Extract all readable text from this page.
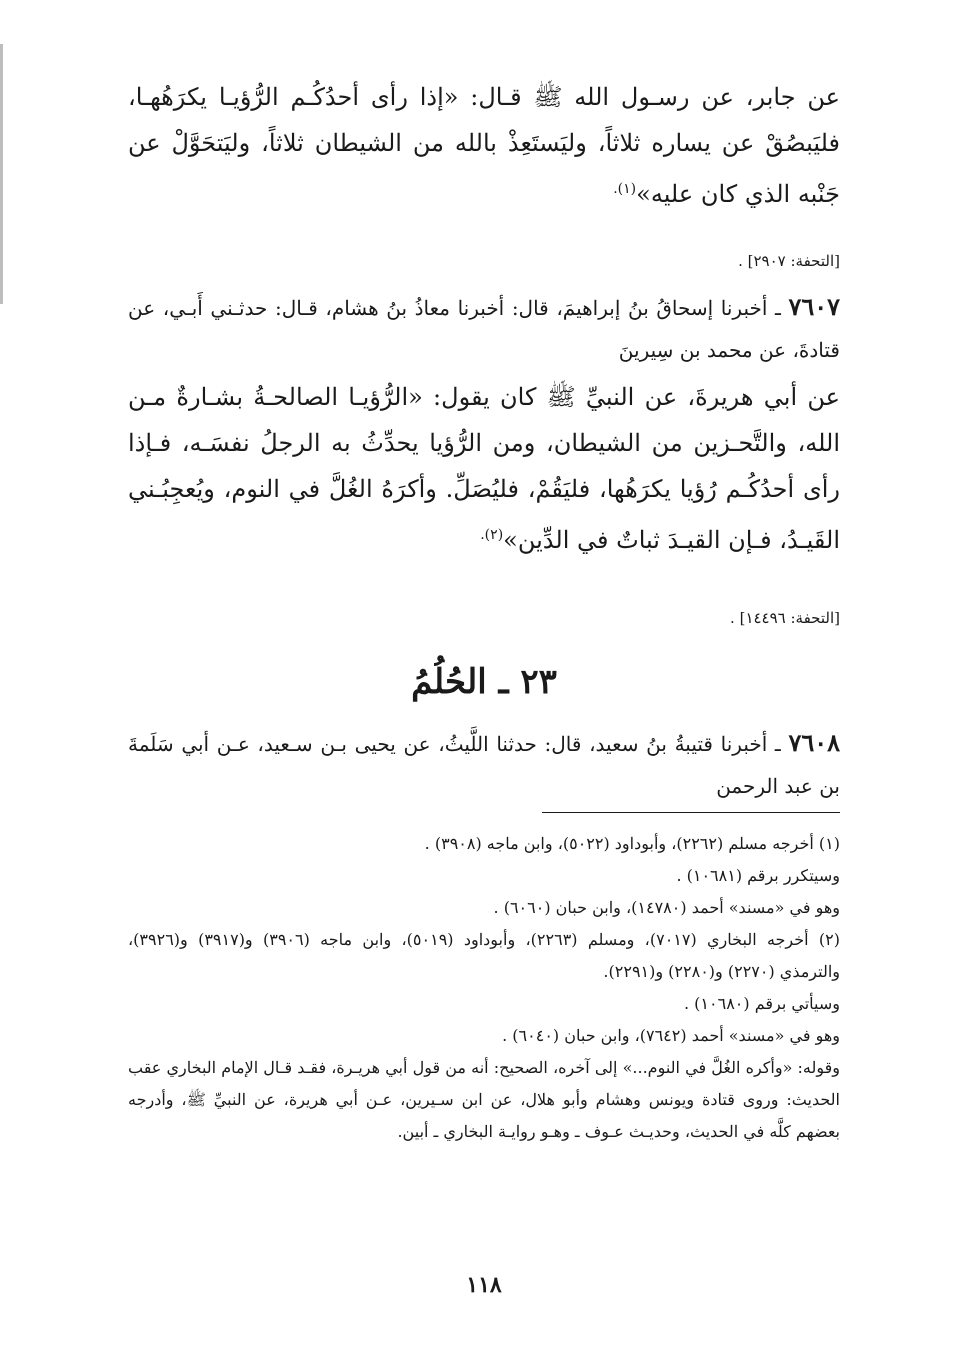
عن جابر، عن رسـول الله ﷺ قـال: «إذا رأى أحدُكُـم الرُّؤيـا يكرَهُهـا، فليَبصُقْ عن يساره ثلاثاً، وليَستَعِذْ بالله من الشيطان ثلاثاً، وليَتحَوَّلْ عن جَنْبه الذي كان عليه»$^{(١).}$

[التحفة: ٢٩٠٧] .
٧٦٠٧ ـ أخبرنا إسحاقُ بنُ إبراهيمَ، قال: أخبرنا معاذُ بنُ هشام، قـال: حدثـني أَبـي، عن قتادةَ، عن محمد بن سِيرينَ

عن أبي هريرةَ، عن النبيِّ ﷺ كان يقول: «الرُّؤيـا الصالحـةُ بشـارةٌ مـن الله، والتَّحـزين من الشيطان، ومن الرُّؤيا يحدِّثُ به الرجلُ نفسَـه، فـإذا رأى أحدُكُـم رُؤيا يكرَهُها، فليَقُمْ، فليُصَلِّ. وأكرَهُ الغُلَّ في النوم، ويُعجِبُـني القَيـدُ، فـإن القيـدَ ثباتٌ في الدِّين»$^{(٢).}$

[التحفة: ١٤٤٩٦] .
٢٣ ـ الحُلُمُ
٧٦٠٨ ـ أخبرنا قتيبةُ بنُ سعيد، قال: حدثنا اللَّيثُ، عن يحيى بـن سـعيد، عـن أبي سَلَمةَ بن عبد الرحمن

(١) أخرجه مسلم (٢٢٦٢)، وأبوداود (٥٠٢٢)، وابن ماجه (٣٩٠٨) .

وسيتكرر برقم (١٠٦٨١) .

وهو في «مسند» أحمد (١٤٧٨٠)، وابن حبان (٦٠٦٠) .

(٢) أخرجه البخاري (٧٠١٧)، ومسلم (٢٢٦٣)، وأبوداود (٥٠١٩)، وابن ماجه (٣٩٠٦) و(٣٩١٧) و(٣٩٢٦)، والترمذي (٢٢٧٠) و(٢٢٨٠) و(٢٢٩١).

وسيأتي برقم (١٠٦٨٠) .

وهو في «مسند» أحمد (٧٦٤٢)، وابن حبان (٦٠٤٠) .

وقوله: «وأكره الغُلَّ في النوم...» إلى آخره، الصحيح: أنه من قول أبي هريـرة، فقـد قـال الإمام البخاري عقب الحديث: وروى قتادة ويونس وهشام وأبو هلال، عن ابن سـيرين، عـن أبي هريرة، عن النبيِّ ﷺ، وأدرجه بعضهم كلَّه في الحديث، وحديـث عـوف ـ وهـو روايـة البخاري ـ أبين.

١١٨
